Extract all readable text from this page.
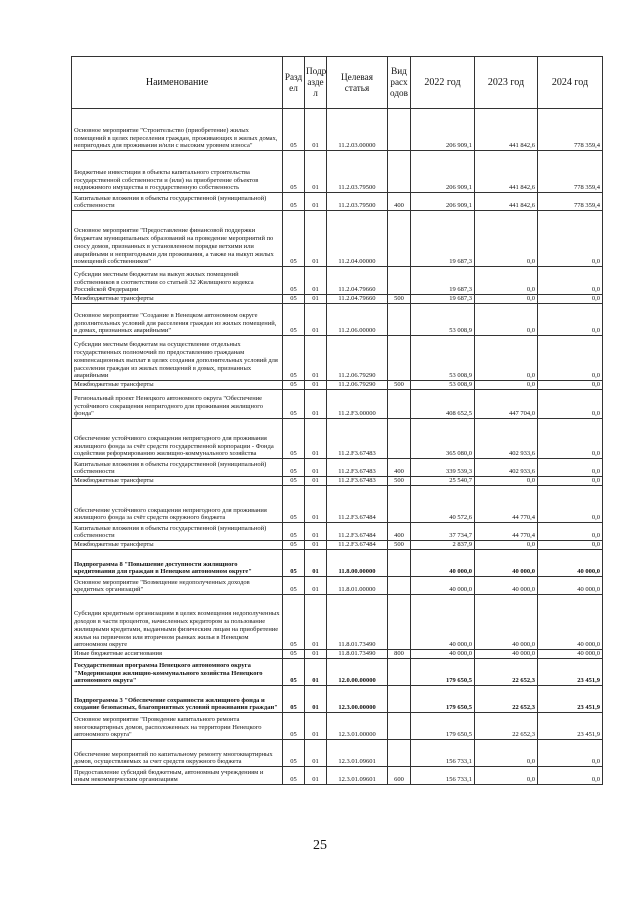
Наименование	Разд ел	Подр азде л	Целевая статья	Вид расх одов	2022 год	2023 год	2024 год
Основное мероприятие "Строительство (приобретение) жилых помещений в целях переселения граждан, проживающих в жилых домах, непригодных для проживания и/или с высоким уровнем износа"	05	01	11.2.03.00000		206 909,1	441 842,6	778 359,4
Бюджетные инвестиции в объекты капитального строительства государственной собственности и (или) на приобретение объектов недвижимого имущества в государственную собственность	05	01	11.2.03.79500		206 909,1	441 842,6	778 359,4
Капитальные вложения в объекты государственной (муниципальной) собственности	05	01	11.2.03.79500	400	206 909,1	441 842,6	778 359,4
Основное мероприятие "Предоставление финансовой поддержки бюджетам муниципальных образований на проведение мероприятий по сносу домов, признанных в установленном порядке ветхими или аварийными и непригодными для проживания, а также на выкуп жилых помещений собственников"	05	01	11.2.04.00000		19 687,3	0,0	0,0
Субсидии местным бюджетам на выкуп жилых помещений собственников в соответствии со статьей 32 Жилищного кодекса Российской Федерации	05	01	11.2.04.79660		19 687,3	0,0	0,0
Межбюджетные трансферты	05	01	11.2.04.79660	500	19 687,3	0,0	0,0
Основное мероприятие "Создание в Ненецком автономном округе дополнительных условий для расселения граждан из жилых помещений, в домах, признанных аварийными"	05	01	11.2.06.00000		53 008,9	0,0	0,0
Субсидии местным бюджетам на осуществление отдельных государственных полномочий по предоставлению гражданам компенсационных выплат в целях создания дополнительных условий для расселения граждан из жилых помещений в домах, признанных аварийными	05	01	11.2.06.79290		53 008,9	0,0	0,0
Межбюджетные трансферты	05	01	11.2.06.79290	500	53 008,9	0,0	0,0
Региональный проект Ненецкого автономного округа "Обеспечение устойчивого сокращения непригодного для проживания жилищного фонда"	05	01	11.2.F3.00000		408 652,5	447 704,0	0,0
Обеспечение устойчивого сокращения непригодного для проживания жилищного фонда за счёт средств государственной корпорации - Фонда содействия реформированию жилищно-коммунального хозяйства	05	01	11.2.F3.67483		365 080,0	402 933,6	0,0
Капитальные вложения в объекты государственной (муниципальной) собственности	05	01	11.2.F3.67483	400	339 539,3	402 933,6	0,0
Межбюджетные трансферты	05	01	11.2.F3.67483	500	25 540,7	0,0	0,0
Обеспечение устойчивого сокращения непригодного для проживания жилищного фонда за счёт средств окружного бюджета	05	01	11.2.F3.67484		40 572,6	44 770,4	0,0
Капитальные вложения в объекты государственной (муниципальной) собственности	05	01	11.2.F3.67484	400	37 734,7	44 770,4	0,0
Межбюджетные трансферты	05	01	11.2.F3.67484	500	2 837,9	0,0	0,0
Подпрограмма 8 "Повышение доступности жилищного кредитования для граждан в Ненецком автономном округе"	05	01	11.8.00.00000		40 000,0	40 000,0	40 000,0
Основное мероприятие "Возмещение недополученных доходов кредитных организаций"	05	01	11.8.01.00000		40 000,0	40 000,0	40 000,0
Субсидии кредитным организациям в целях возмещения недополученных доходов в части процентов, начисленных кредитором за пользование жилищными кредитами, выданными физическим лицам на приобретение жилья на первичном или вторичном рынках жилья в Ненецком автономном округе	05	01	11.8.01.73490		40 000,0	40 000,0	40 000,0
Иные бюджетные ассигнования	05	01	11.8.01.73490	800	40 000,0	40 000,0	40 000,0
Государственная программа Ненецкого автономного округа "Модернизация жилищно-коммунального хозяйства Ненецкого автономного округа"	05	01	12.0.00.00000		179 650,5	22 652,3	23 451,9
Подпрограмма 3 "Обеспечение сохранности жилищного фонда и создание безопасных, благоприятных условий проживания граждан"	05	01	12.3.00.00000		179 650,5	22 652,3	23 451,9
Основное мероприятие "Проведение капитального ремонта многоквартирных домов, расположенных на территории Ненецкого автономного округа"	05	01	12.3.01.00000		179 650,5	22 652,3	23 451,9
Обеспечение мероприятий по капитальному ремонту многоквартирных домов, осуществляемых за счет средств окружного бюджета	05	01	12.3.01.09601		156 733,1	0,0	0,0
Предоставление субсидий бюджетным, автономным учреждениям и иным некоммерческим организациям	05	01	12.3.01.09601	600	156 733,1	0,0	0,0
25
